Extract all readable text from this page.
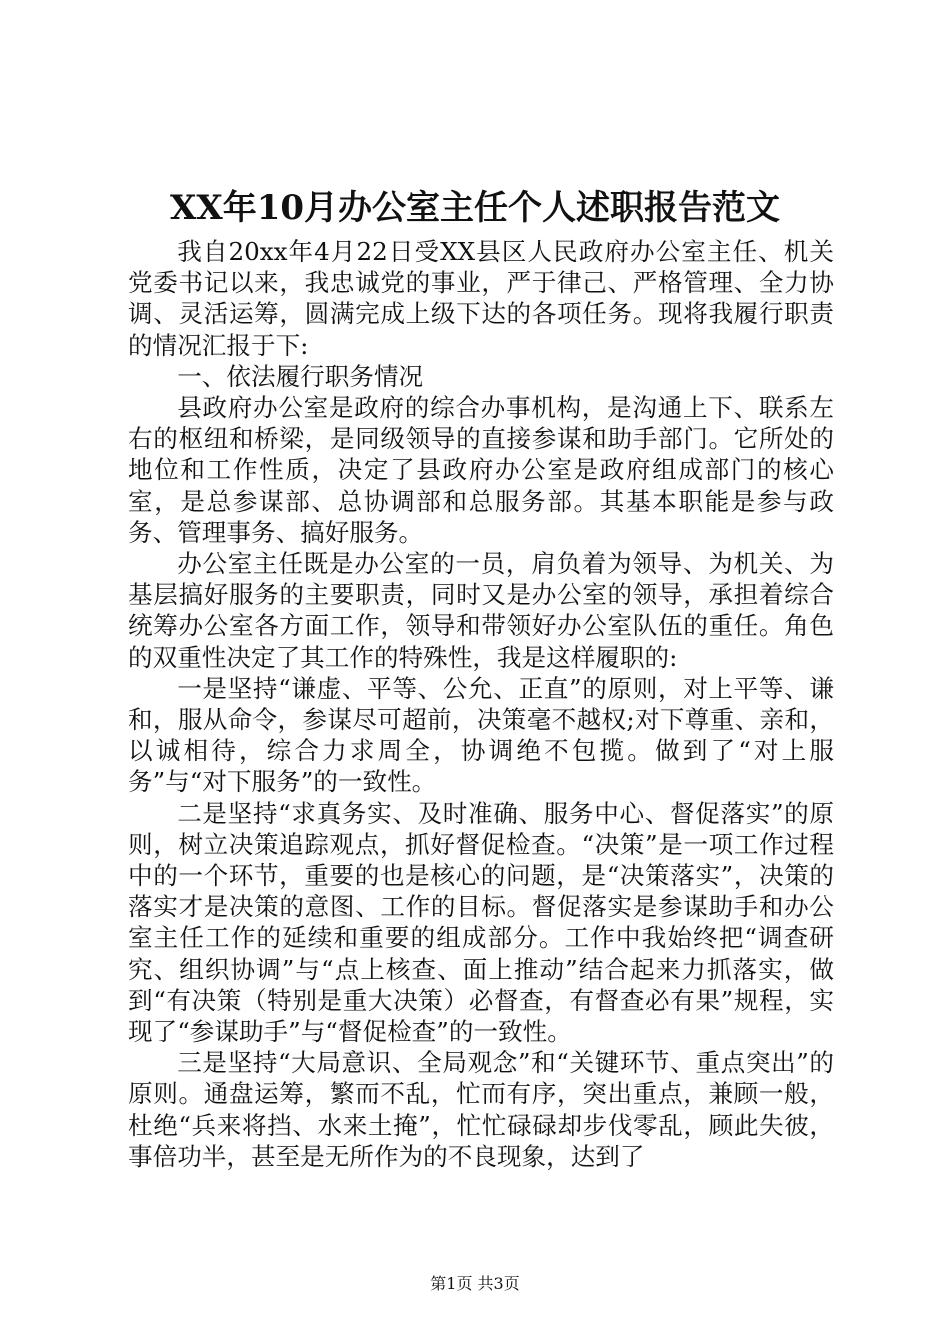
XX年10月办公室主任个人述职报告范文

我自20xx年4月22日受XX县区人民政府办公室主任、机关党委书记以来，我忠诚党的事业，严于律己、严格管理、全力协调、灵活运筹，圆满完成上级下达的各项任务。现将我履行职责的情况汇报于下:

一、依法履行职务情况

县政府办公室是政府的综合办事机构，是沟通上下、联系左右的枢纽和桥梁，是同级领导的直接参谋和助手部门。它所处的地位和工作性质，决定了县政府办公室是政府组成部门的核心室，是总参谋部、总协调部和总服务部。其基本职能是参与政务、管理事务、搞好服务。

办公室主任既是办公室的一员，肩负着为领导、为机关、为基层搞好服务的主要职责，同时又是办公室的领导，承担着综合统筹办公室各方面工作，领导和带领好办公室队伍的重任。角色的双重性决定了其工作的特殊性，我是这样履职的:

一是坚持“谦虚、平等、公允、正直”的原则，对上平等、谦和，服从命令，参谋尽可超前，决策毫不越权;对下尊重、亲和，以诚相待，综合力求周全，协调绝不包揽。做到了“对上服务”与“对下服务”的一致性。

二是坚持“求真务实、及时准确、服务中心、督促落实”的原则，树立决策追踪观点，抓好督促检查。“决策”是一项工作过程中的一个环节，重要的也是核心的问题，是“决策落实”，决策的落实才是决策的意图、工作的目标。督促落实是参谋助手和办公室主任工作的延续和重要的组成部分。工作中我始终把“调查研究、组织协调”与“点上核查、面上推动”结合起来力抓落实，做到“有决策（特别是重大决策）必督查，有督查必有果”规程，实现了“参谋助手”与“督促检查”的一致性。

三是坚持“大局意识、全局观念”和“关键环节、重点突出”的原则。通盘运筹，繁而不乱，忙而有序，突出重点，兼顾一般，杜绝“兵来将挡、水来土掩”，忙忙碌碌却步伐零乱，顾此失彼，事倍功半，甚至是无所作为的不良现象，达到了

第1页 共3页
